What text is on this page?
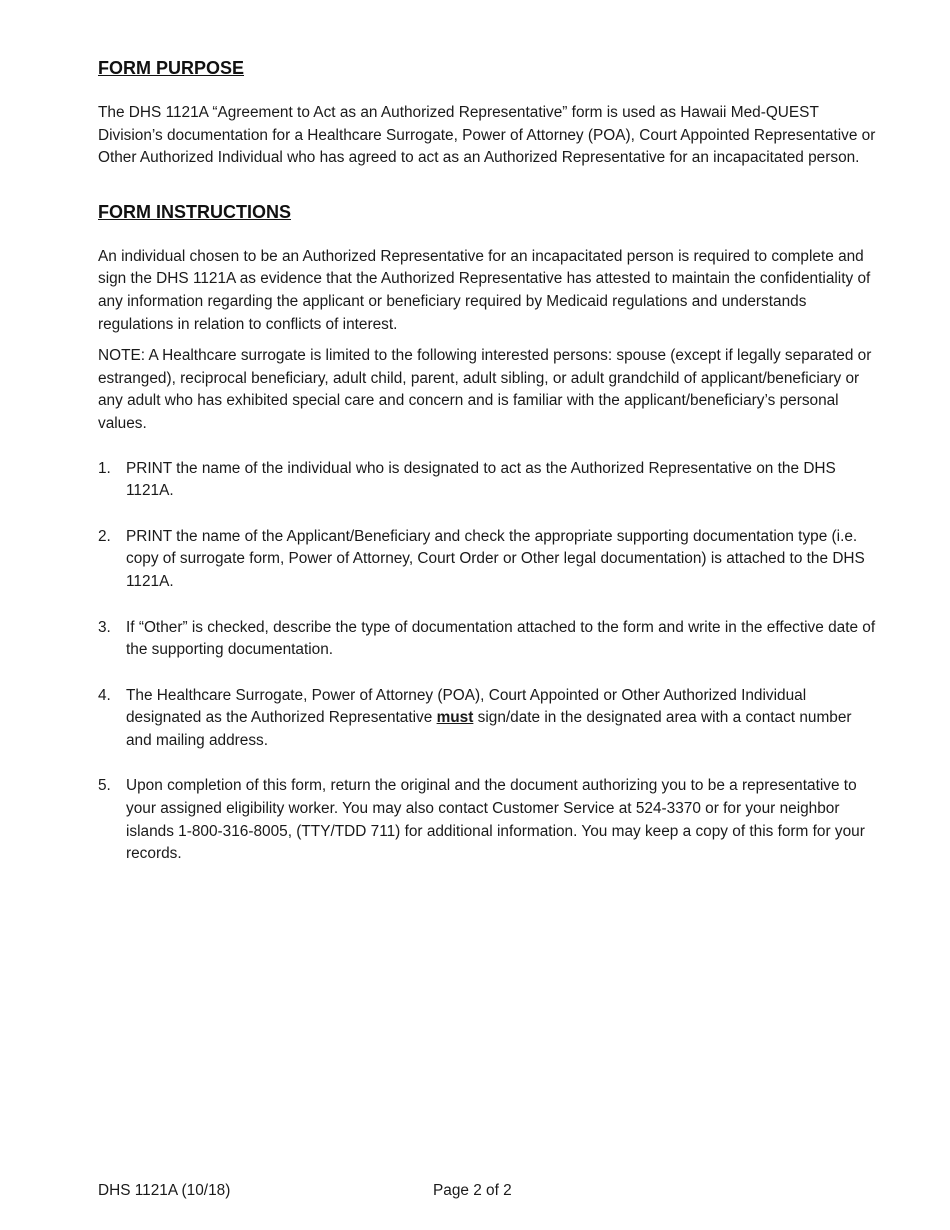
FORM PURPOSE

The DHS 1121A “Agreement to Act as an Authorized Representative” form is used as Hawaii Med-QUEST Division’s documentation for a Healthcare Surrogate, Power of Attorney (POA), Court Appointed Representative or Other Authorized Individual who has agreed to act as an Authorized Representative for an incapacitated person.

FORM INSTRUCTIONS

An individual chosen to be an Authorized Representative for an incapacitated person is required to complete and sign the DHS 1121A as evidence that the Authorized Representative has attested to maintain the confidentiality of any information regarding the applicant or beneficiary required by Medicaid regulations and understands regulations in relation to conflicts of interest.

NOTE: A Healthcare surrogate is limited to the following interested persons: spouse (except if legally separated or estranged), reciprocal beneficiary, adult child, parent, adult sibling, or adult grandchild of applicant/beneficiary or any adult who has exhibited special care and concern and is familiar with the applicant/beneficiary’s personal values.

1. PRINT the name of the individual who is designated to act as the Authorized Representative on the DHS 1121A.
2. PRINT the name of the Applicant/Beneficiary and check the appropriate supporting documentation type (i.e. copy of surrogate form, Power of Attorney, Court Order or Other legal documentation) is attached to the DHS 1121A.
3. If “Other” is checked, describe the type of documentation attached to the form and write in the effective date of the supporting documentation.
4. The Healthcare Surrogate, Power of Attorney (POA), Court Appointed or Other Authorized Individual designated as the Authorized Representative must sign/date in the designated area with a contact number and mailing address.
5. Upon completion of this form, return the original and the document authorizing you to be a representative to your assigned eligibility worker. You may also contact Customer Service at 524-3370 or for your neighbor islands 1-800-316-8005, (TTY/TDD 711) for additional information. You may keep a copy of this form for your records.
DHS 1121A (10/18)	Page 2 of 2
